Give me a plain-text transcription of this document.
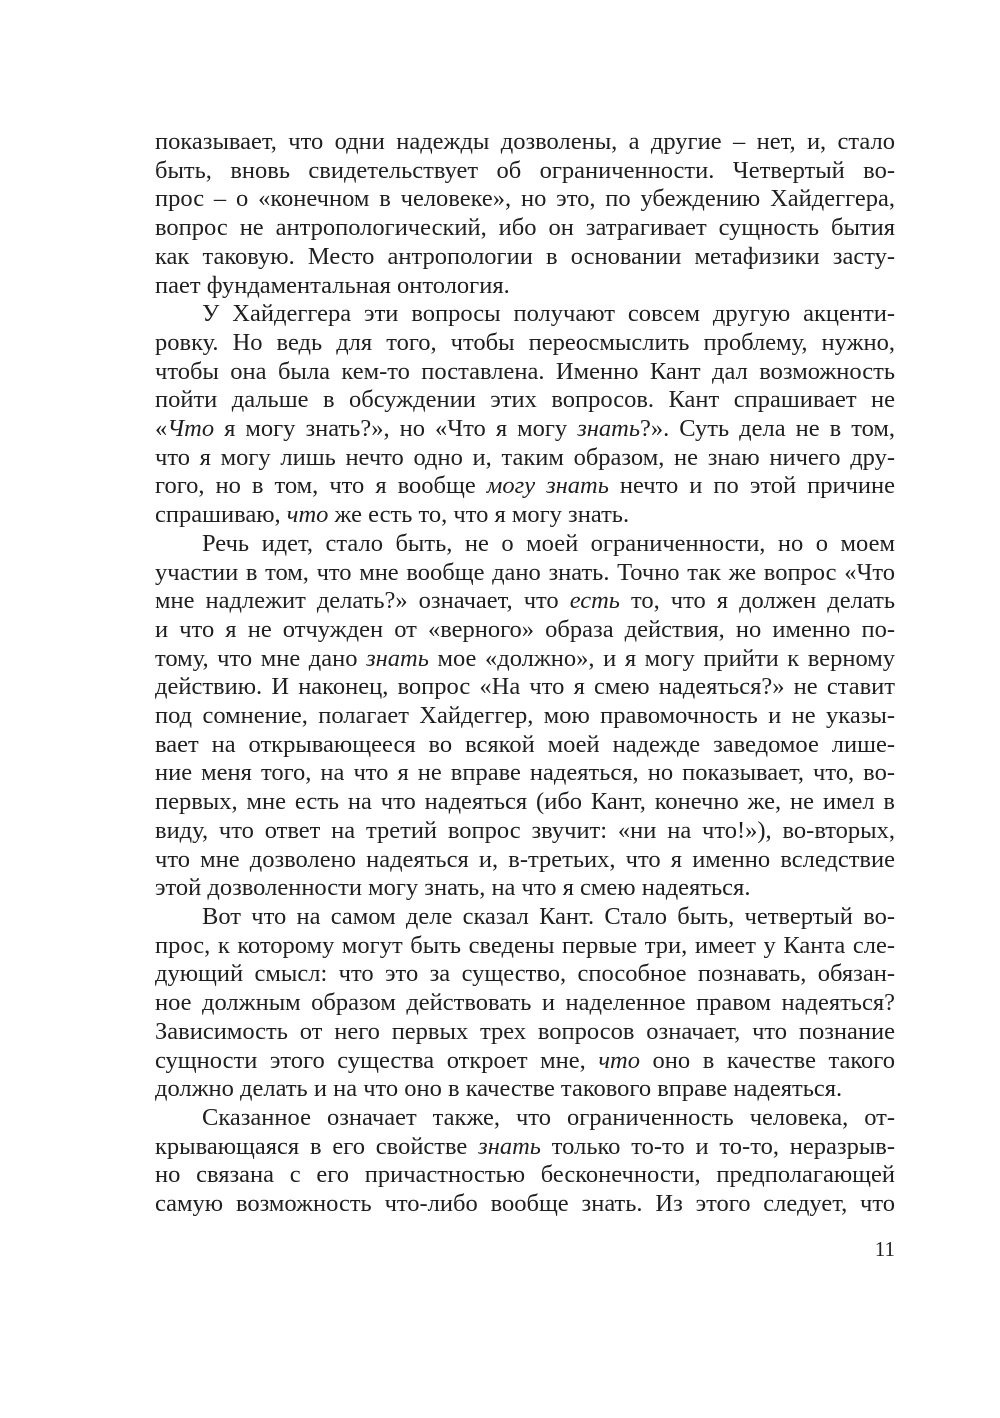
показывает, что одни надежды дозволены, а другие – нет, и, стало
быть, вновь свидетельствует об ограниченности. Четвертый во-
прос – о «конечном в человеке», но это, по убеждению Хайдеггера,
вопрос не антропологический, ибо он затрагивает сущность бытия
как таковую. Место антропологии в основании метафизики засту-
пает фундаментальная онтология.
У Хайдеггера эти вопросы получают совсем другую акценти-
ровку. Но ведь для того, чтобы переосмыслить проблему, нужно,
чтобы она была кем-то поставлена. Именно Кант дал возможность
пойти дальше в обсуждении этих вопросов. Кант спрашивает не
«Что я могу знать?», но «Что я могу знать?». Суть дела не в том,
что я могу лишь нечто одно и, таким образом, не знаю ничего дру-
гого, но в том, что я вообще могу знать нечто и по этой причине
спрашиваю, что же есть то, что я могу знать.
Речь идет, стало быть, не о моей ограниченности, но о моем
участии в том, что мне вообще дано знать. Точно так же вопрос «Что
мне надлежит делать?» означает, что есть то, что я должен делать
и что я не отчужден от «верного» образа действия, но именно по-
тому, что мне дано знать мое «должно», и я могу прийти к верному
действию. И наконец, вопрос «На что я смею надеяться?» не ставит
под сомнение, полагает Хайдеггер, мою правомочность и не указы-
вает на открывающееся во всякой моей надежде заведомое лише-
ние меня того, на что я не вправе надеяться, но показывает, что, во-
первых, мне есть на что надеяться (ибо Кант, конечно же, не имел в
виду, что ответ на третий вопрос звучит: «ни на что!»), во-вторых,
что мне дозволено надеяться и, в-третьих, что я именно вследствие
этой дозволенности могу знать, на что я смею надеяться.
Вот что на самом деле сказал Кант. Стало быть, четвертый во-
прос, к которому могут быть сведены первые три, имеет у Канта сле-
дующий смысл: что это за существо, способное познавать, обязан-
ное должным образом действовать и наделенное правом надеяться?
Зависимость от него первых трех вопросов означает, что познание
сущности этого существа откроет мне, что оно в качестве такого
должно делать и на что оно в качестве такового вправе надеяться.
Сказанное означает также, что ограниченность человека, от-
крывающаяся в его свойстве знать только то-то и то-то, неразрыв-
но связана с его причастностью бесконечности, предполагающей
самую возможность что-либо вообще знать. Из этого следует, что
11
